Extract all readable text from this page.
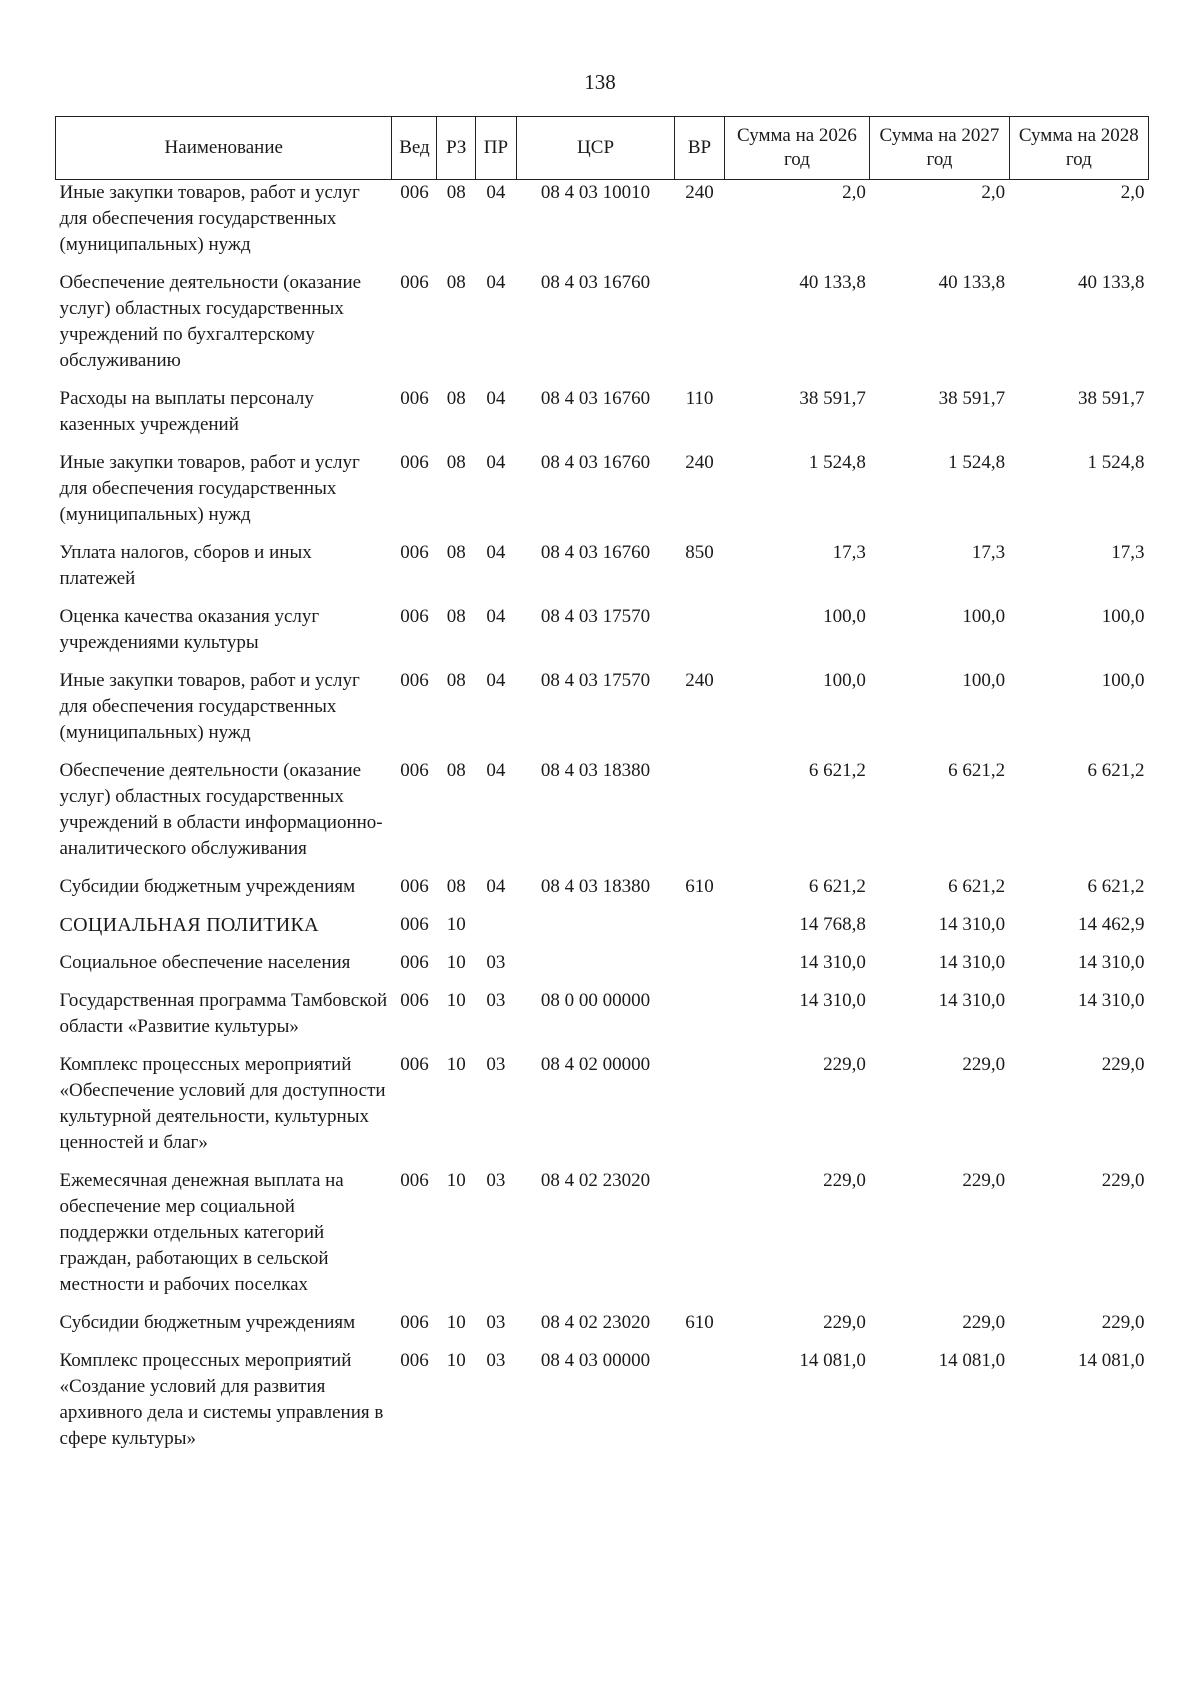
138
Наименование	Вед	РЗ	ПР	ЦСР	ВР	Сумма на 2026 год	Сумма на 2027 год	Сумма на 2028 год
Иные закупки товаров, работ и услуг для обеспечения государственных (муниципальных) нужд	006	08	04	08 4 03 10010	240	2,0	2,0	2,0
Обеспечение деятельности (оказание услуг) областных государственных учреждений по бухгалтерскому обслуживанию	006	08	04	08 4 03 16760		40 133,8	40 133,8	40 133,8
Расходы на выплаты персоналу казенных учреждений	006	08	04	08 4 03 16760	110	38 591,7	38 591,7	38 591,7
Иные закупки товаров, работ и услуг для обеспечения государственных (муниципальных) нужд	006	08	04	08 4 03 16760	240	1 524,8	1 524,8	1 524,8
Уплата налогов, сборов и иных платежей	006	08	04	08 4 03 16760	850	17,3	17,3	17,3
Оценка качества оказания услуг учреждениями культуры	006	08	04	08 4 03 17570		100,0	100,0	100,0
Иные закупки товаров, работ и услуг для обеспечения государственных (муниципальных) нужд	006	08	04	08 4 03 17570	240	100,0	100,0	100,0
Обеспечение деятельности (оказание услуг) областных государственных учреждений в области информационно-аналитического обслуживания	006	08	04	08 4 03 18380		6 621,2	6 621,2	6 621,2
Субсидии бюджетным учреждениям	006	08	04	08 4 03 18380	610	6 621,2	6 621,2	6 621,2
СОЦИАЛЬНАЯ ПОЛИТИКА	006	10				14 768,8	14 310,0	14 462,9
Социальное обеспечение населения	006	10	03			14 310,0	14 310,0	14 310,0
Государственная программа Тамбовской области «Развитие культуры»	006	10	03	08 0 00 00000		14 310,0	14 310,0	14 310,0
Комплекс процессных мероприятий «Обеспечение условий для доступности культурной деятельности, культурных ценностей и благ»	006	10	03	08 4 02 00000		229,0	229,0	229,0
Ежемесячная денежная выплата на обеспечение мер социальной поддержки отдельных категорий граждан, работающих в сельской местности и рабочих поселках	006	10	03	08 4 02 23020		229,0	229,0	229,0
Субсидии бюджетным учреждениям	006	10	03	08 4 02 23020	610	229,0	229,0	229,0
Комплекс процессных мероприятий «Создание условий для развития архивного дела и системы управления в сфере культуры»	006	10	03	08 4 03 00000		14 081,0	14 081,0	14 081,0
